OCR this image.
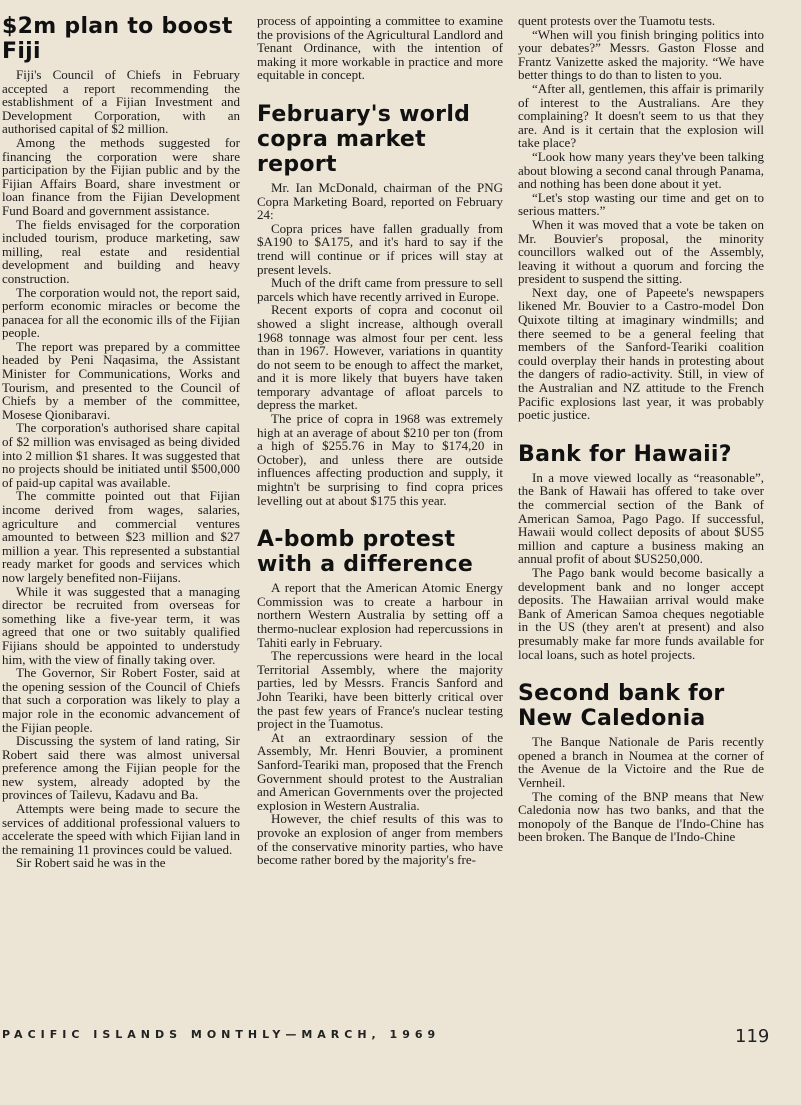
$2m plan to boost Fiji

Fiji's Council of Chiefs in February accepted a report recommending the establishment of a Fijian Investment and Development Corporation, with an authorised capital of $2 million.

Among the methods suggested for financing the corporation were share participation by the Fijian public and by the Fijian Affairs Board, share investment or loan finance from the Fijian Development Fund Board and government assistance.

The fields envisaged for the corporation included tourism, produce marketing, saw milling, real estate and residential development and building and heavy construction.

The corporation would not, the report said, perform economic miracles or become the panacea for all the economic ills of the Fijian people.

The report was prepared by a committee headed by Peni Naqasima, the Assistant Minister for Communications, Works and Tourism, and presented to the Council of Chiefs by a member of the committee, Mosese Qionibaravi.

The corporation's authorised share capital of $2 million was envisaged as being divided into 2 million $1 shares. It was suggested that no projects should be initiated until $500,000 of paid-up capital was available.

The committe pointed out that Fijian income derived from wages, salaries, agriculture and commercial ventures amounted to between $23 million and $27 million a year. This represented a substantial ready market for goods and services which now largely benefited non-Fiijans.

While it was suggested that a managing director be recruited from overseas for something like a five-year term, it was agreed that one or two suitably qualified Fijians should be appointed to understudy him, with the view of finally taking over.

The Governor, Sir Robert Foster, said at the opening session of the Council of Chiefs that such a corporation was likely to play a major role in the economic advancement of the Fijian people.

Discussing the system of land rating, Sir Robert said there was almost universal preference among the Fijian people for the new system, already adopted by the provinces of Tailevu, Kadavu and Ba.

Attempts were being made to secure the services of additional professional valuers to accelerate the speed with which Fijian land in the remaining 11 provinces could be valued.

Sir Robert said he was in the

process of appointing a committee to examine the provisions of the Agricultural Landlord and Tenant Ordinance, with the intention of making it more workable in practice and more equitable in concept.

February's world copra market report

Mr. Ian McDonald, chairman of the PNG Copra Marketing Board, reported on February 24:

Copra prices have fallen gradually from $A190 to $A175, and it's hard to say if the trend will continue or if prices will stay at present levels.

Much of the drift came from pressure to sell parcels which have recently arrived in Europe.

Recent exports of copra and coconut oil showed a slight increase, although overall 1968 tonnage was almost four per cent. less than in 1967. However, variations in quantity do not seem to be enough to affect the market, and it is more likely that buyers have taken temporary advantage of afloat parcels to depress the market.

The price of copra in 1968 was extremely high at an average of about $210 per ton (from a high of $255.76 in May to $174,20 in October), and unless there are outside influences affecting production and supply, it mightn't be surprising to find copra prices levelling out at about $175 this year.

A-bomb protest with a difference

A report that the American Atomic Energy Commission was to create a harbour in northern Western Australia by setting off a thermo-nuclear explosion had repercussions in Tahiti early in February.

The repercussions were heard in the local Territorial Assembly, where the majority parties, led by Messrs. Francis Sanford and John Teariki, have been bitterly critical over the past few years of France's nuclear testing project in the Tuamotus.

At an extraordinary session of the Assembly, Mr. Henri Bouvier, a prominent Sanford-Teariki man, proposed that the French Government should protest to the Australian and American Governments over the projected explosion in Western Australia.

However, the chief results of this was to provoke an explosion of anger from members of the conservative minority parties, who have become rather bored by the majority's fre-

quent protests over the Tuamotu tests.

“When will you finish bringing politics into your debates?” Messrs. Gaston Flosse and Frantz Vanizette asked the majority. “We have better things to do than to listen to you.

“After all, gentlemen, this affair is primarily of interest to the Australians. Are they complaining? It doesn't seem to us that they are. And is it certain that the explosion will take place?

“Look how many years they've been talking about blowing a second canal through Panama, and nothing has been done about it yet.

“Let's stop wasting our time and get on to serious matters.”

When it was moved that a vote be taken on Mr. Bouvier's proposal, the minority councillors walked out of the Assembly, leaving it without a quorum and forcing the president to suspend the sitting.

Next day, one of Papeete's newspapers likened Mr. Bouvier to a Castro-model Don Quixote tilting at imaginary windmills; and there seemed to be a general feeling that members of the Sanford-Teariki coalition could overplay their hands in protesting about the dangers of radio-activity. Still, in view of the Australian and NZ attitude to the French Pacific explosions last year, it was probably poetic justice.

Bank for Hawaii?

In a move viewed locally as “reasonable”, the Bank of Hawaii has offered to take over the commercial section of the Bank of American Samoa, Pago Pago. If successful, Hawaii would collect deposits of about $US5 million and capture a business making an annual profit of about $US250,000.

The Pago bank would become basically a development bank and no longer accept deposits. The Hawaiian arrival would make Bank of American Samoa cheques negotiable in the US (they aren't at present) and also presumably make far more funds available for local loans, such as hotel projects.

Second bank for New Caledonia

The Banque Nationale de Paris recently opened a branch in Noumea at the corner of the Avenue de la Victoire and the Rue de Vernheil.

The coming of the BNP means that New Caledonia now has two banks, and that the monopoly of the Banque de l'Indo-Chine has been broken. The Banque de l'Indo-Chine

PACIFIC ISLANDS MONTHLY—MARCH, 1969	119
